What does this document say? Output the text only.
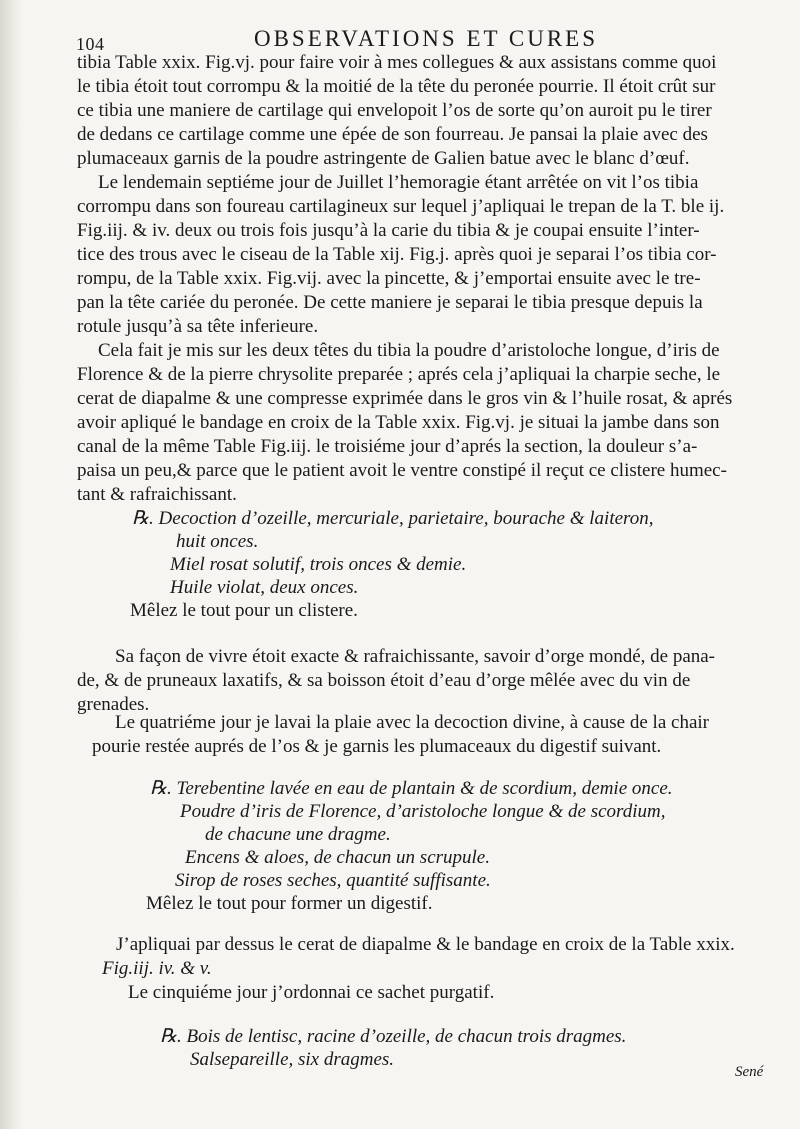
104	OBSERVATIONS ET CURES
tibia Table xxix. Fig.vj. pour faire voir à mes collegues & aux assistans comme quoi
le tibia étoit tout corrompu & la moitié de la tête du peronée pourrie. Il étoit crût sur
ce tibia une maniere de cartilage qui envelopoit l’os de sorte qu’on auroit pu le tirer
de dedans ce cartilage comme une épée de son fourreau. Je pansai la plaie avec des
plumaceaux garnis de la poudre astringente de Galien batue avec le blanc d’œuf.
Le lendemain septiéme jour de Juillet l’hemoragie étant arrêtée on vit l’os tibia
corrompu dans son foureau cartilagineux sur lequel j’apliquai le trepan de la T. ble ij.
Fig.iij. & iv. deux ou trois fois jusqu’à la carie du tibia & je coupai ensuite l’inter-
tice des trous avec le ciseau de la Table xij. Fig.j. après quoi je separai l’os tibia cor-
rompu, de la Table xxix. Fig.vij. avec la pincette, & j’emportai ensuite avec le tre-
pan la tête cariée du peronée. De cette maniere je separai le tibia presque depuis la
rotule jusqu’à sa tête inferieure.
Cela fait je mis sur les deux têtes du tibia la poudre d’aristoloche longue, d’iris de
Florence & de la pierre chrysolite preparée ; aprés cela j’apliquai la charpie seche, le
cerat de diapalme & une compresse exprimée dans le gros vin & l’huile rosat, & aprés
avoir apliqué le bandage en croix de la Table xxix. Fig.vj. je situai la jambe dans son
canal de la même Table Fig.iij. le troisiéme jour d’aprés la section, la douleur s’a-
paisa un peu,& parce que le patient avoit le ventre constipé il reçut ce clistere humec-
tant & rafraichissant.
℞. Decoction d’ozeille, mercuriale, parietaire, bourache & laiteron,
huit onces.
Miel rosat solutif, trois onces & demie.
Huile violat, deux onces.
Mêlez le tout pour un clistere.
Sa façon de vivre étoit exacte & rafraichissante, savoir d’orge mondé, de pana-
de, & de pruneaux laxatifs, & sa boisson étoit d’eau d’orge mêlée avec du vin de
grenades.
Le quatriéme jour je lavai la plaie avec la decoction divine, à cause de la chair
pourie restée auprés de l’os & je garnis les plumaceaux du digestif suivant.
℞. Terebentine lavée en eau de plantain & de scordium, demie once.
Poudre d’iris de Florence, d’aristoloche longue & de scordium,
de chacune une dragme.
Encens & aloes, de chacun un scrupule.
Sirop de roses seches, quantité suffisante.
Mêlez le tout pour former un digestif.
J’apliquai par dessus le cerat de diapalme & le bandage en croix de la Table xxix.
Fig.iij. iv. & v.
Le cinquiéme jour j’ordonnai ce sachet purgatif.
℞. Bois de lentisc, racine d’ozeille, de chacun trois dragmes.
Salsepareille, six dragmes.
Sené
